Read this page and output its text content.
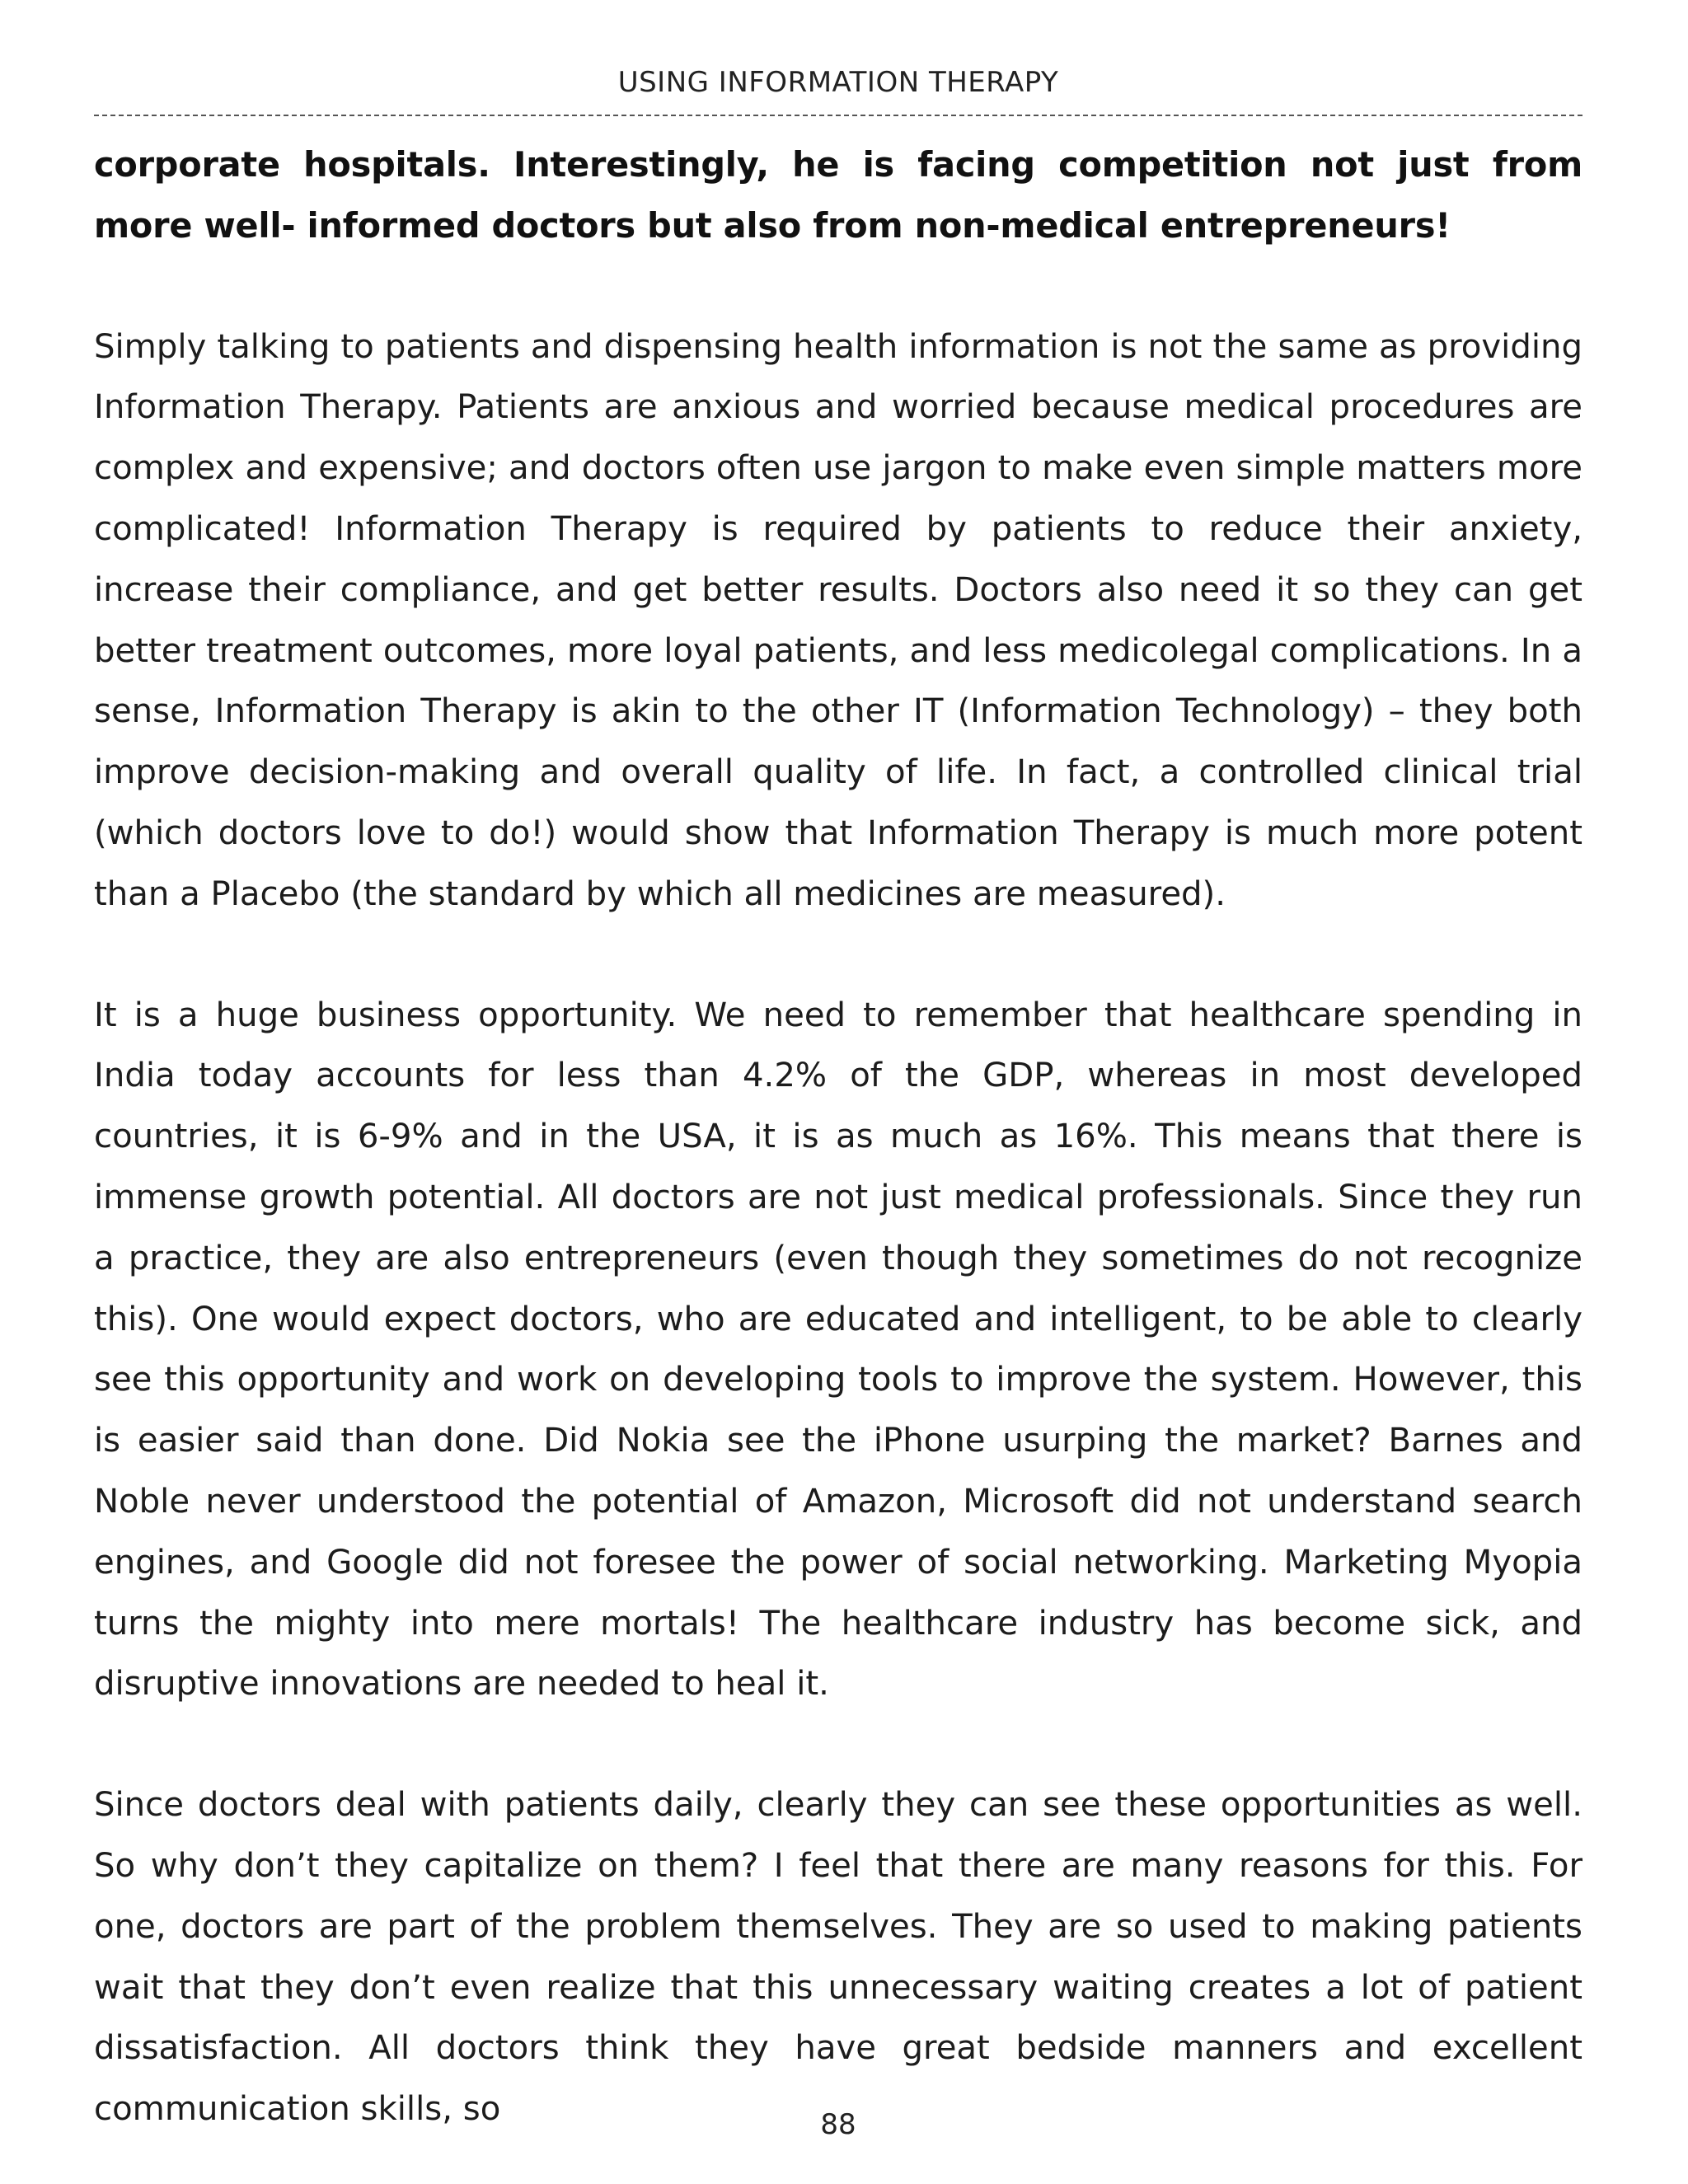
USING INFORMATION THERAPY

corporate hospitals. Interestingly, he is facing competition not just from more well- informed doctors but also from non-medical entrepreneurs!

Simply talking to patients and dispensing health information is not the same as providing Information Therapy. Patients are anxious and worried because medical procedures are complex and expensive; and doctors often use jargon to make even simple matters more complicated! Information Therapy is required by patients to reduce their anxiety, increase their compliance, and get better results. Doctors also need it so they can get better treatment outcomes, more loyal patients, and less medicolegal complications. In a sense, Information Therapy is akin to the other IT (Information Technology) – they both improve decision-making and overall quality of life. In fact, a controlled clinical trial (which doctors love to do!) would show that Information Therapy is much more potent than a Placebo (the standard by which all medicines are measured).

It is a huge business opportunity. We need to remember that healthcare spending in India today accounts for less than 4.2% of the GDP, whereas in most developed countries, it is 6-9% and in the USA, it is as much as 16%. This means that there is immense growth potential. All doctors are not just medical professionals. Since they run a practice, they are also entrepreneurs (even though they sometimes do not recognize this). One would expect doctors, who are educated and intelligent, to be able to clearly see this opportunity and work on developing tools to improve the system. However, this is easier said than done. Did Nokia see the iPhone usurping the market? Barnes and Noble never understood the potential of Amazon, Microsoft did not understand search engines, and Google did not foresee the power of social networking. Marketing Myopia turns the mighty into mere mortals! The healthcare industry has become sick, and disruptive innovations are needed to heal it.

Since doctors deal with patients daily, clearly they can see these opportunities as well. So why don’t they capitalize on them? I feel that there are many reasons for this. For one, doctors are part of the problem themselves. They are so used to making patients wait that they don’t even realize that this unnecessary waiting creates a lot of patient dissatisfaction. All doctors think they have great bedside manners and excellent communication skills, so	88
